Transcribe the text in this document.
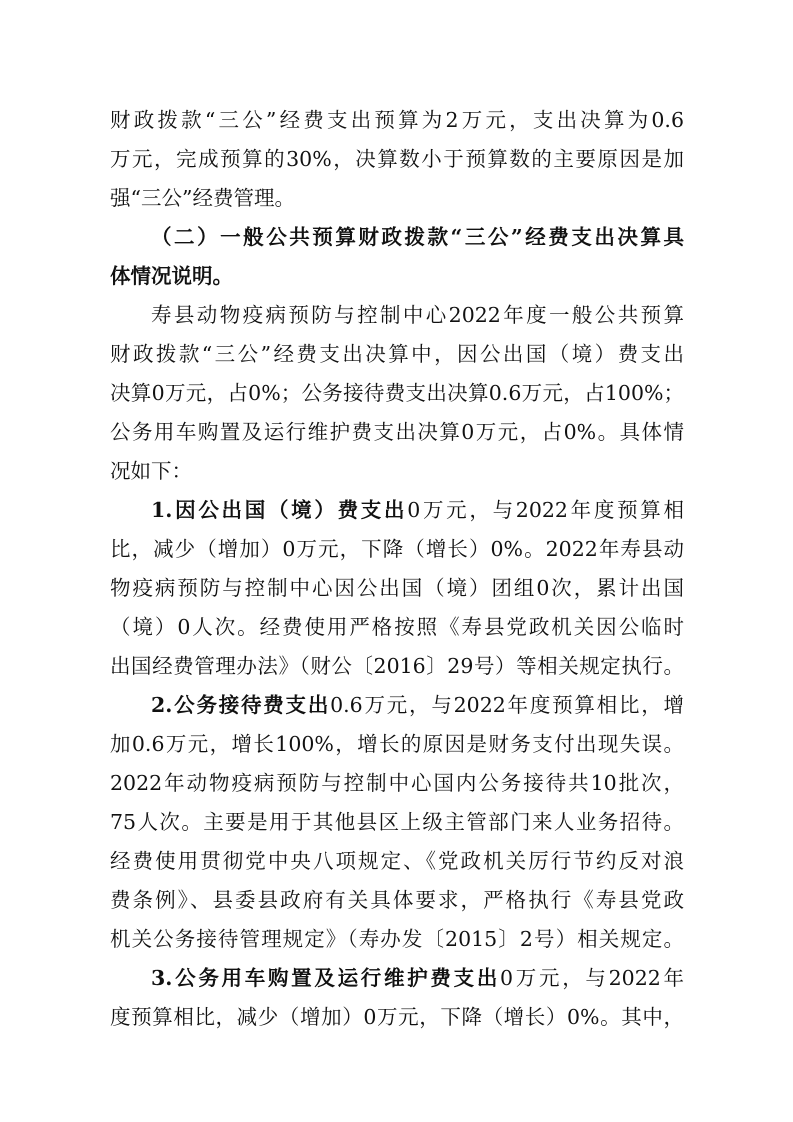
财政拨款“三公”经费支出预算为2万元，支出决算为0.6
万元，完成预算的30%，决算数小于预算数的主要原因是加
强“三公”经费管理。
（二）一般公共预算财政拨款“三公”经费支出决算具
体情况说明。
寿县动物疫病预防与控制中心2022年度一般公共预算
财政拨款“三公”经费支出决算中，因公出国（境）费支出
决算0万元，占0%；公务接待费支出决算0.6万元，占100%；
公务用车购置及运行维护费支出决算0万元，占0%。具体情
况如下：
1.因公出国（境）费支出0万元，与2022年度预算相
比，减少（增加）0万元，下降（增长）0%。2022年寿县动
物疫病预防与控制中心因公出国（境）团组0次，累计出国
（境）0人次。经费使用严格按照《寿县党政机关因公临时
出国经费管理办法》（财公〔2016〕29号）等相关规定执行。
2.公务接待费支出0.6万元，与2022年度预算相比，增
加0.6万元，增长100%，增长的原因是财务支付出现失误。
2022年动物疫病预防与控制中心国内公务接待共10批次，
75人次。主要是用于其他县区上级主管部门来人业务招待。
经费使用贯彻党中央八项规定、《党政机关厉行节约反对浪
费条例》、县委县政府有关具体要求，严格执行《寿县党政
机关公务接待管理规定》（寿办发〔2015〕2号）相关规定。
3.公务用车购置及运行维护费支出0万元，与2022年
度预算相比，减少（增加）0万元，下降（增长）0%。其中，
